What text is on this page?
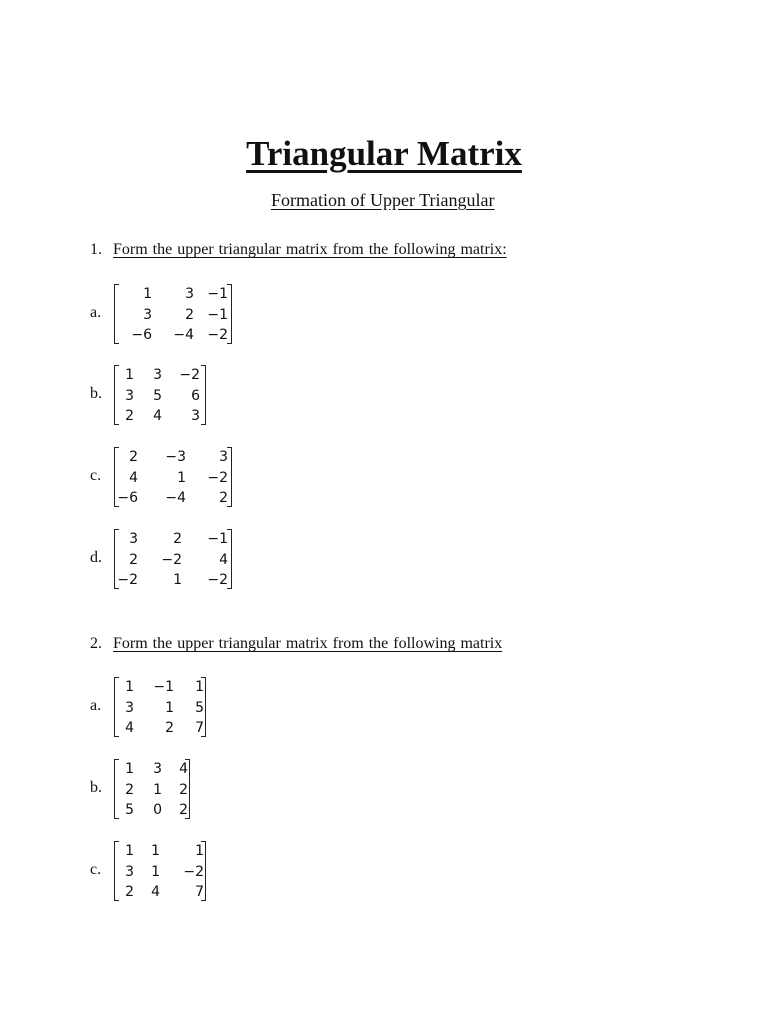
Triangular Matrix
Formation of Upper Triangular
1. Form the upper triangular matrix from the following matrix:
a.
1	3 −1
3	2 −1
−6	−4 −2
b.
1	3	−2
3	5	6
2	4	3
c.
2	−3	3
4	1	−2
−6	−4	2
d.
3	2	−1
2	−2	4
−2	1	−2
2. Form the upper triangular matrix from the following matrix
a.
1	−1	1
3	1	5
4	2	7
b.
1	3	4
2	1	2
5	0	2
c.
1	1	1
3	1	−2
2	4	7
